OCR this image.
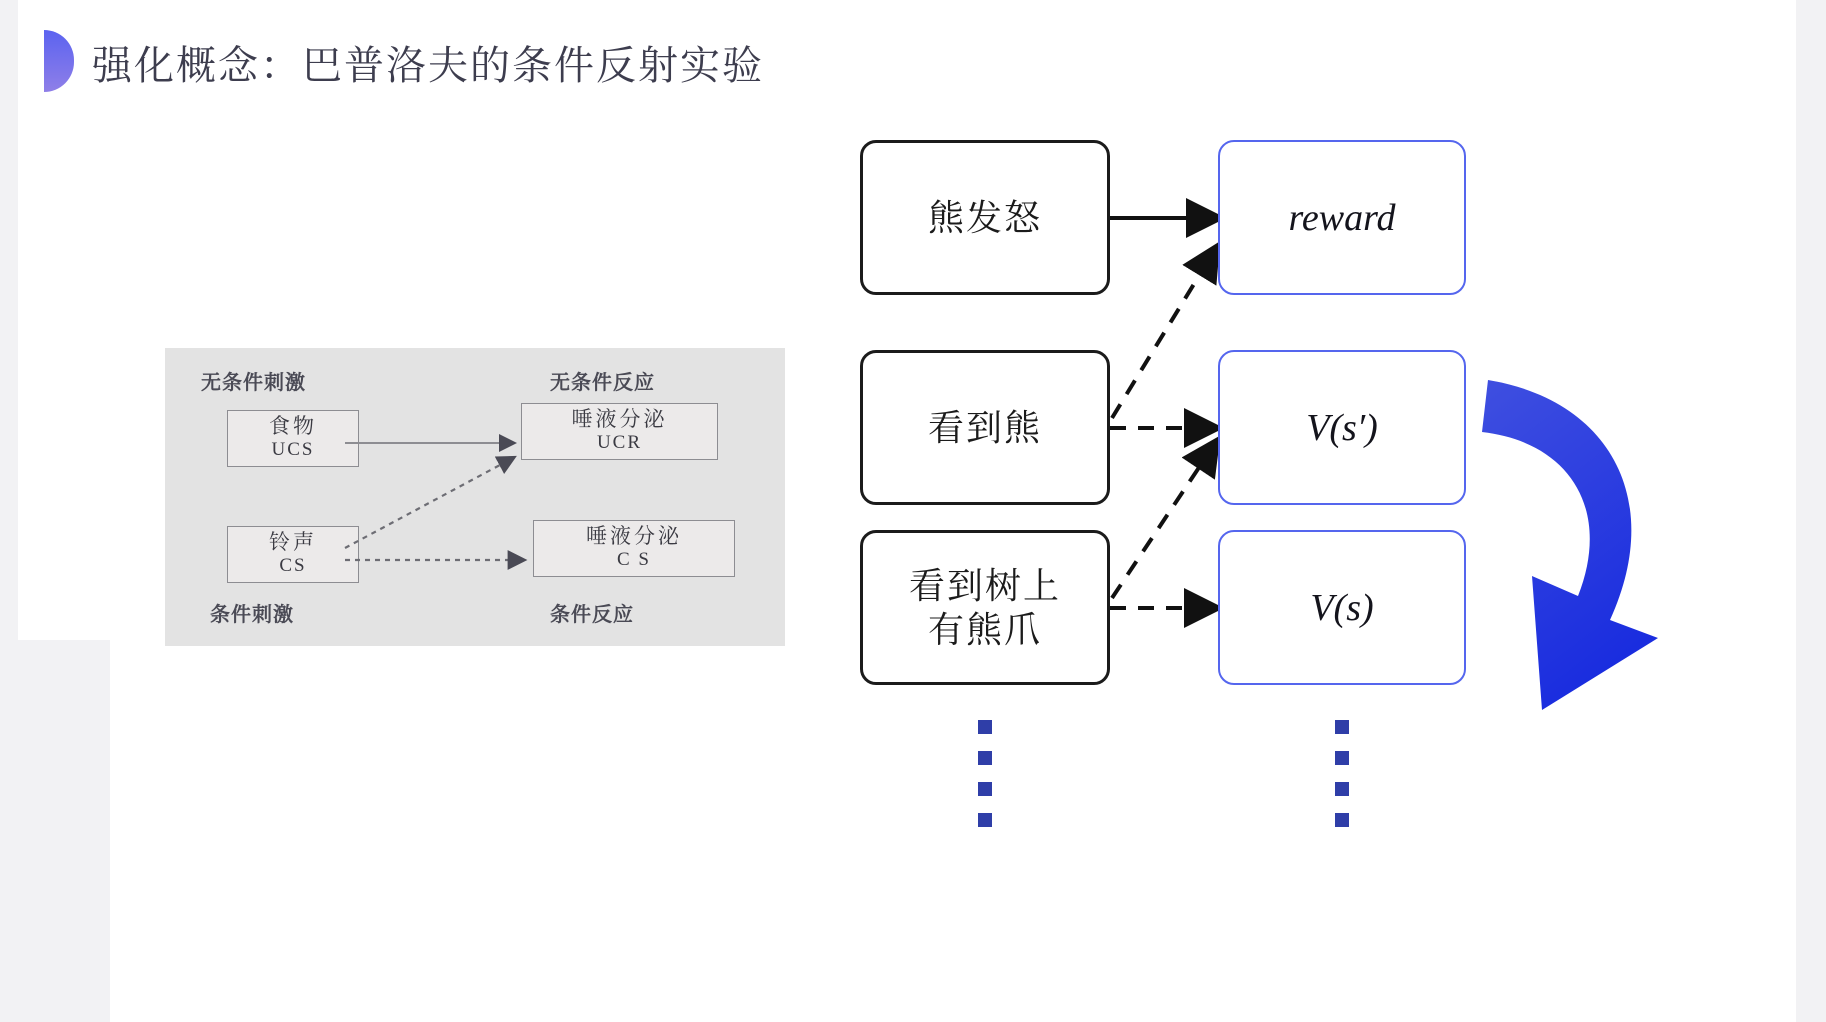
强化概念：巴普洛夫的条件反射实验
无条件刺激	无条件反应
条件刺激	条件反应
食物
UCS
唾液分泌
UCR
铃声
CS
唾液分泌
C S
熊发怒
看到熊
看到树上
有熊爪
reward
V(s′)
V(s)
